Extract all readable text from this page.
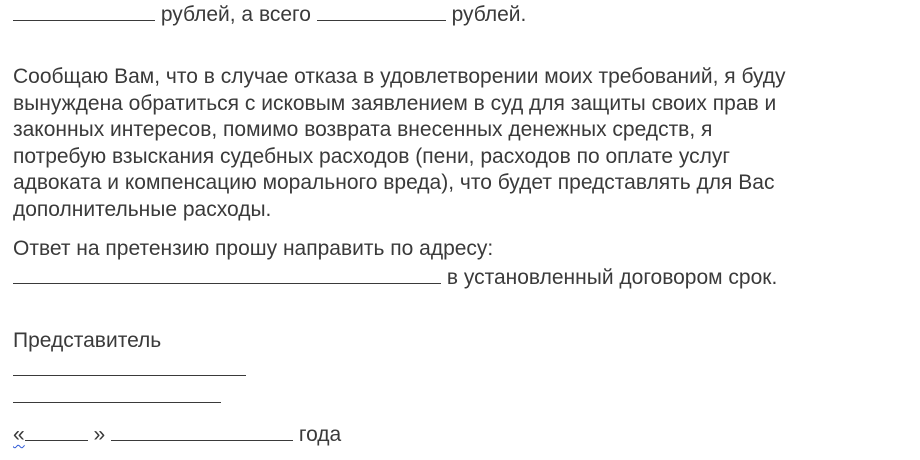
рублей, а всего	рублей.
Сообщаю Вам, что в случае отказа в удовлетворении моих требований, я буду
вынуждена обратиться с исковым заявлением в суд для защиты своих прав и
законных интересов, помимо возврата внесенных денежных средств, я
потребую взыскания судебных расходов (пени, расходов по оплате услуг
адвоката и компенсацию морального вреда), что будет представлять для Вас
дополнительные расходы.
Ответ на претензию прошу направить по адресу:
в установленный договором срок.
Представитель
«	»	года
